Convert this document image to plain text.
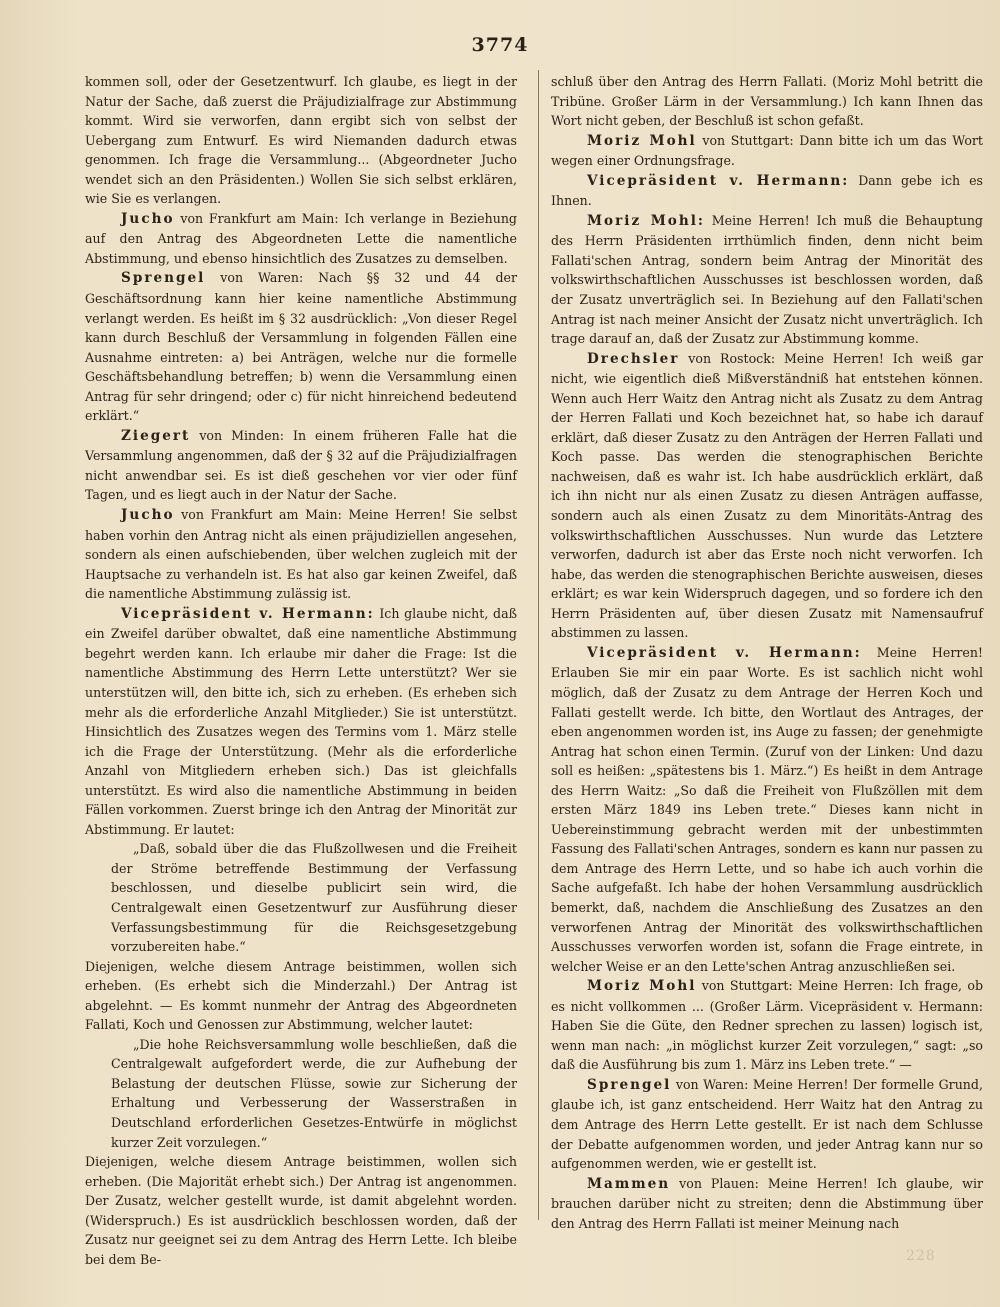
3774

kommen soll, oder der Gesetzentwurf. Ich glaube, es liegt in der Natur der Sache, daß zuerst die Präjudizialfrage zur Abstimmung kommt. Wird sie verworfen, dann ergibt sich von selbst der Uebergang zum Entwurf. Es wird Niemanden dadurch etwas genommen. Ich frage die Versammlung... (Abgeordneter Jucho wendet sich an den Präsidenten.) Wollen Sie sich selbst erklären, wie Sie es verlangen.

Jucho von Frankfurt am Main: Ich verlange in Beziehung auf den Antrag des Abgeordneten Lette die namentliche Abstimmung, und ebenso hinsichtlich des Zusatzes zu demselben.

Sprengel von Waren: Nach §§ 32 und 44 der Geschäftsordnung kann hier keine namentliche Abstimmung verlangt werden. Es heißt im § 32 ausdrücklich: „Von dieser Regel kann durch Beschluß der Versammlung in folgenden Fällen eine Ausnahme eintreten: a) bei Anträgen, welche nur die formelle Geschäftsbehandlung betreffen; b) wenn die Versammlung einen Antrag für sehr dringend; oder c) für nicht hinreichend bedeutend erklärt.“

Ziegert von Minden: In einem früheren Falle hat die Versammlung angenommen, daß der § 32 auf die Präjudizialfragen nicht anwendbar sei. Es ist dieß geschehen vor vier oder fünf Tagen, und es liegt auch in der Natur der Sache.

Jucho von Frankfurt am Main: Meine Herren! Sie selbst haben vorhin den Antrag nicht als einen präjudiziellen angesehen, sondern als einen aufschiebenden, über welchen zugleich mit der Hauptsache zu verhandeln ist. Es hat also gar keinen Zweifel, daß die namentliche Abstimmung zulässig ist.

Vicepräsident v. Hermann: Ich glaube nicht, daß ein Zweifel darüber obwaltet, daß eine namentliche Abstimmung begehrt werden kann. Ich erlaube mir daher die Frage: Ist die namentliche Abstimmung des Herrn Lette unterstützt? Wer sie unterstützen will, den bitte ich, sich zu erheben. (Es erheben sich mehr als die erforderliche Anzahl Mitglieder.) Sie ist unterstützt. Hinsichtlich des Zusatzes wegen des Termins vom 1. März stelle ich die Frage der Unterstützung. (Mehr als die erforderliche Anzahl von Mitgliedern erheben sich.) Das ist gleichfalls unterstützt. Es wird also die namentliche Abstimmung in beiden Fällen vorkommen. Zuerst bringe ich den Antrag der Minorität zur Abstimmung. Er lautet:

„Daß, sobald über die das Flußzollwesen und die Freiheit der Ströme betreffende Bestimmung der Verfassung beschlossen, und dieselbe publicirt sein wird, die Centralgewalt einen Gesetzentwurf zur Ausführung dieser Verfassungsbestimmung für die Reichsgesetzgebung vorzubereiten habe.“

Diejenigen, welche diesem Antrage beistimmen, wollen sich erheben. (Es erhebt sich die Minderzahl.) Der Antrag ist abgelehnt. — Es kommt nunmehr der Antrag des Abgeordneten Fallati, Koch und Genossen zur Abstimmung, welcher lautet:

„Die hohe Reichsversammlung wolle beschließen, daß die Centralgewalt aufgefordert werde, die zur Aufhebung der Belastung der deutschen Flüsse, sowie zur Sicherung der Erhaltung und Verbesserung der Wasserstraßen in Deutschland erforderlichen Gesetzes-Entwürfe in möglichst kurzer Zeit vorzulegen.“

Diejenigen, welche diesem Antrage beistimmen, wollen sich erheben. (Die Majorität erhebt sich.) Der Antrag ist angenommen. Der Zusatz, welcher gestellt wurde, ist damit abgelehnt worden. (Widerspruch.) Es ist ausdrücklich beschlossen worden, daß der Zusatz nur geeignet sei zu dem Antrag des Herrn Lette. Ich bleibe bei dem Be-

schluß über den Antrag des Herrn Fallati. (Moriz Mohl betritt die Tribüne. Großer Lärm in der Versammlung.) Ich kann Ihnen das Wort nicht geben, der Beschluß ist schon gefaßt.

Moriz Mohl von Stuttgart: Dann bitte ich um das Wort wegen einer Ordnungsfrage.

Vicepräsident v. Hermann: Dann gebe ich es Ihnen.

Moriz Mohl: Meine Herren! Ich muß die Behauptung des Herrn Präsidenten irrthümlich finden, denn nicht beim Fallati'schen Antrag, sondern beim Antrag der Minorität des volkswirthschaftlichen Ausschusses ist beschlossen worden, daß der Zusatz unverträglich sei. In Beziehung auf den Fallati'schen Antrag ist nach meiner Ansicht der Zusatz nicht unverträglich. Ich trage darauf an, daß der Zusatz zur Abstimmung komme.

Drechsler von Rostock: Meine Herren! Ich weiß gar nicht, wie eigentlich dieß Mißverständniß hat entstehen können. Wenn auch Herr Waitz den Antrag nicht als Zusatz zu dem Antrag der Herren Fallati und Koch bezeichnet hat, so habe ich darauf erklärt, daß dieser Zusatz zu den Anträgen der Herren Fallati und Koch passe. Das werden die stenographischen Berichte nachweisen, daß es wahr ist. Ich habe ausdrücklich erklärt, daß ich ihn nicht nur als einen Zusatz zu diesen Anträgen auffasse, sondern auch als einen Zusatz zu dem Minoritäts-Antrag des volkswirthschaftlichen Ausschusses. Nun wurde das Letztere verworfen, dadurch ist aber das Erste noch nicht verworfen. Ich habe, das werden die stenographischen Berichte ausweisen, dieses erklärt; es war kein Widerspruch dagegen, und so fordere ich den Herrn Präsidenten auf, über diesen Zusatz mit Namensaufruf abstimmen zu lassen.

Vicepräsident v. Hermann: Meine Herren! Erlauben Sie mir ein paar Worte. Es ist sachlich nicht wohl möglich, daß der Zusatz zu dem Antrage der Herren Koch und Fallati gestellt werde. Ich bitte, den Wortlaut des Antrages, der eben angenommen worden ist, ins Auge zu fassen; der genehmigte Antrag hat schon einen Termin. (Zuruf von der Linken: Und dazu soll es heißen: „spätestens bis 1. März.“) Es heißt in dem Antrage des Herrn Waitz: „So daß die Freiheit von Flußzöllen mit dem ersten März 1849 ins Leben trete.“ Dieses kann nicht in Uebereinstimmung gebracht werden mit der unbestimmten Fassung des Fallati'schen Antrages, sondern es kann nur passen zu dem Antrage des Herrn Lette, und so habe ich auch vorhin die Sache aufgefaßt. Ich habe der hohen Versammlung ausdrücklich bemerkt, daß, nachdem die Anschließung des Zusatzes an den verworfenen Antrag der Minorität des volkswirthschaftlichen Ausschusses verworfen worden ist, sofann die Frage eintrete, in welcher Weise er an den Lette'schen Antrag anzuschließen sei.

Moriz Mohl von Stuttgart: Meine Herren: Ich frage, ob es nicht vollkommen ... (Großer Lärm. Vicepräsident v. Hermann: Haben Sie die Güte, den Redner sprechen zu lassen) logisch ist, wenn man nach: „in möglichst kurzer Zeit vorzulegen,“ sagt: „so daß die Ausführung bis zum 1. März ins Leben trete.“ —

Sprengel von Waren: Meine Herren! Der formelle Grund, glaube ich, ist ganz entscheidend. Herr Waitz hat den Antrag zu dem Antrage des Herrn Lette gestellt. Er ist nach dem Schlusse der Debatte aufgenommen worden, und jeder Antrag kann nur so aufgenommen werden, wie er gestellt ist.

Mammen von Plauen: Meine Herren! Ich glaube, wir brauchen darüber nicht zu streiten; denn die Abstimmung über den Antrag des Herrn Fallati ist meiner Meinung nach

228
